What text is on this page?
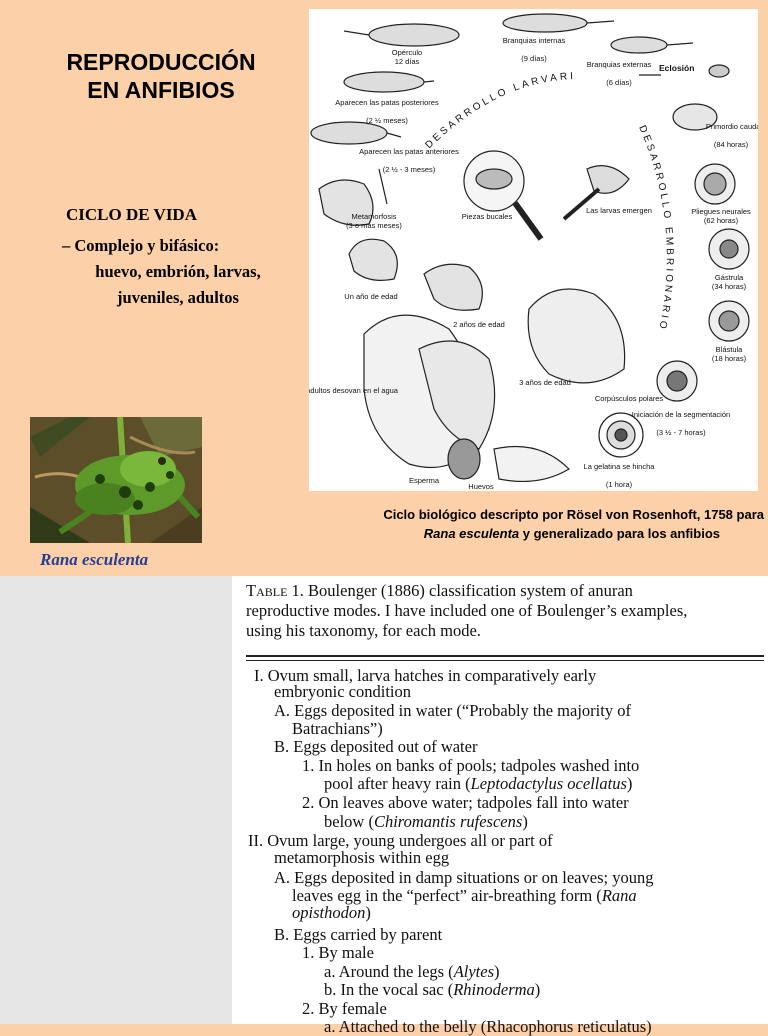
REPRODUCCIÓN
EN ANFIBIOS
CICLO DE VIDA
– Complejo y bifásico:
huevo, embrión, larvas,
juveniles, adultos
Rana esculenta
Eclosión
DESARROLLO LARVARI
DESARROLLO EMBRIONARIO
Opérculo
12 días
Branquias internas
(9 días)
Branquias externas
(6 días)
Aparecen las patas posteriores
(2 ½ meses)
Aparecen las patas anteriores
(2 ½ - 3 meses)
Metamorfosis
(3 o más meses)
Piezas bucales
Las larvas emergen
Primordio caudal
(84 horas)
Pliegues neurales
(62 horas)
Gástrula
(34 horas)
Blástula
(18 horas)
Corpúsculos polares
Iniciación de la segmentación
(3 ½ - 7 horas)
La gelatina se hincha
(1 hora)
Un año de edad
2 años de edad
3 años de edad
dultos desovan en el agua
Esperma
Huevos
Ciclo biológico descripto por Rösel von Rosenhoft, 1758 para
Rana esculenta y generalizado para los anfibios
Table 1. Boulenger (1886) classification system of anuran
reproductive modes. I have included one of Boulenger’s examples,
using his taxonomy, for each mode.
I. Ovum small, larva hatches in comparatively early
embryonic condition
A. Eggs deposited in water (“Probably the majority of
Batrachians”)
B. Eggs deposited out of water
1. In holes on banks of pools; tadpoles washed into
pool after heavy rain (Leptodactylus ocellatus)
2. On leaves above water; tadpoles fall into water
below (Chiromantis rufescens)
II. Ovum large, young undergoes all or part of
metamorphosis within egg
A. Eggs deposited in damp situations or on leaves; young
leaves egg in the “perfect” air-breathing form (Rana
opisthodon)
B. Eggs carried by parent
1. By male
a. Around the legs (Alytes)
b. In the vocal sac (Rhinoderma)
2. By female
a. Attached to the belly (Rhacophorus reticulatus)
